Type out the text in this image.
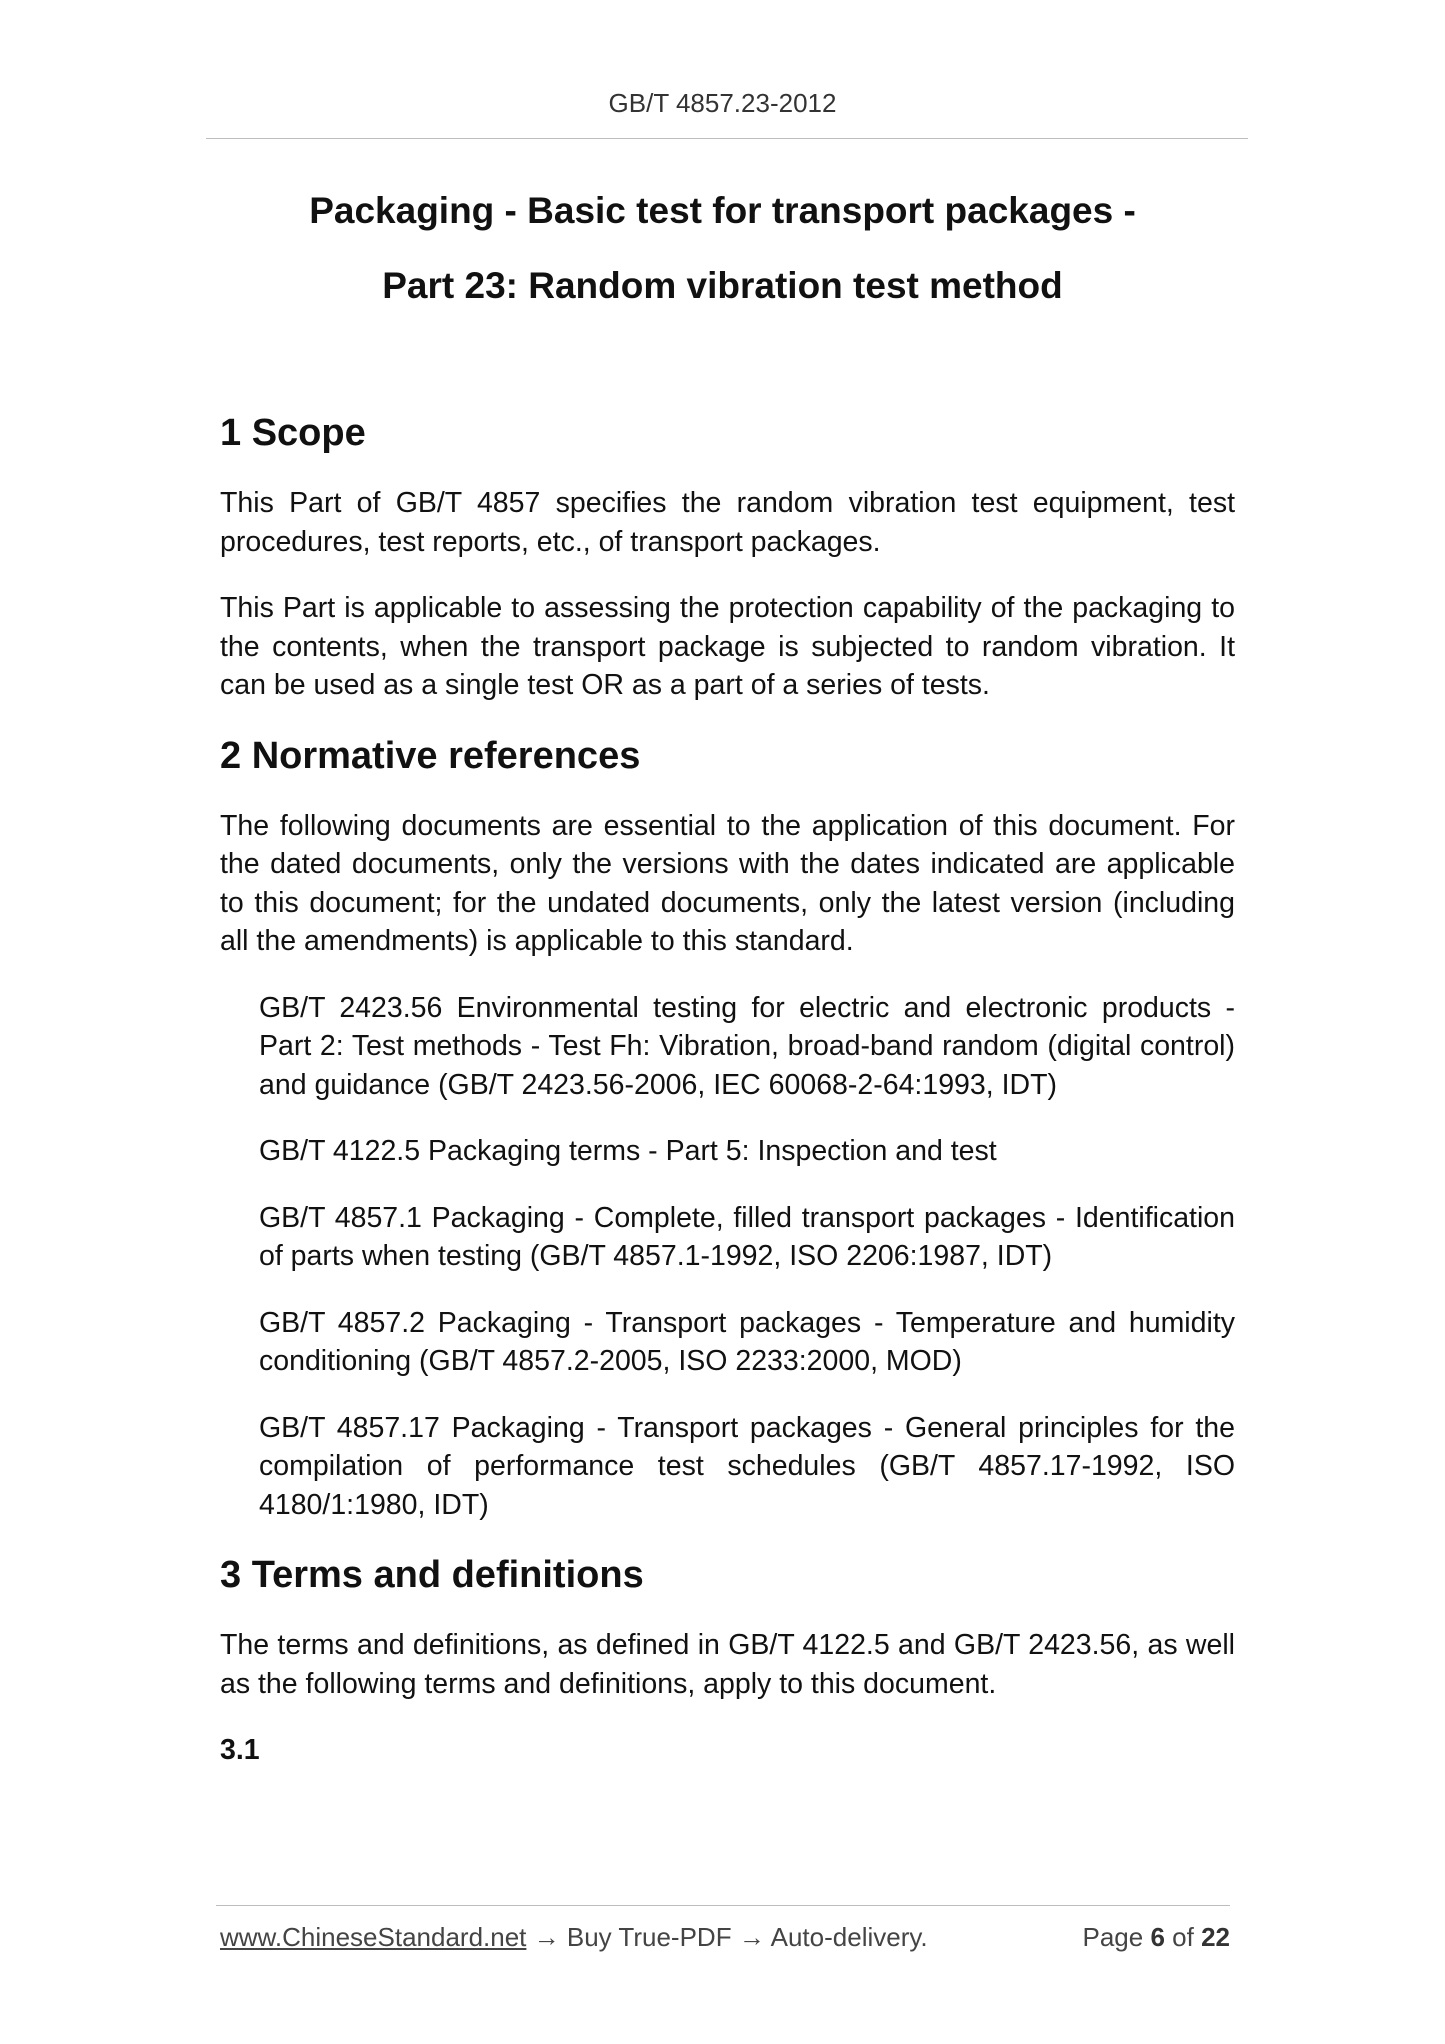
GB/T 4857.23-2012
Packaging - Basic test for transport packages -
Part 23: Random vibration test method
1 Scope

This Part of GB/T 4857 specifies the random vibration test equipment, test procedures, test reports, etc., of transport packages.

This Part is applicable to assessing the protection capability of the packaging to the contents, when the transport package is subjected to random vibration. It can be used as a single test OR as a part of a series of tests.

2 Normative references

The following documents are essential to the application of this document. For the dated documents, only the versions with the dates indicated are applicable to this document; for the undated documents, only the latest version (including all the amendments) is applicable to this standard.

GB/T 2423.56 Environmental testing for electric and electronic products - Part 2: Test methods - Test Fh: Vibration, broad-band random (digital control) and guidance (GB/T 2423.56-2006, IEC 60068-2-64:1993, IDT)

GB/T 4122.5 Packaging terms - Part 5: Inspection and test

GB/T 4857.1 Packaging - Complete, filled transport packages - Identification of parts when testing (GB/T 4857.1-1992, ISO 2206:1987, IDT)

GB/T 4857.2 Packaging - Transport packages - Temperature and humidity conditioning (GB/T 4857.2-2005, ISO 2233:2000, MOD)

GB/T 4857.17 Packaging - Transport packages - General principles for the compilation of performance test schedules (GB/T 4857.17-1992, ISO 4180/1:1980, IDT)

3 Terms and definitions

The terms and definitions, as defined in GB/T 4122.5 and GB/T 2423.56, as well as the following terms and definitions, apply to this document.

3.1

www.ChineseStandard.net → Buy True-PDF → Auto-delivery.	Page 6 of 22
